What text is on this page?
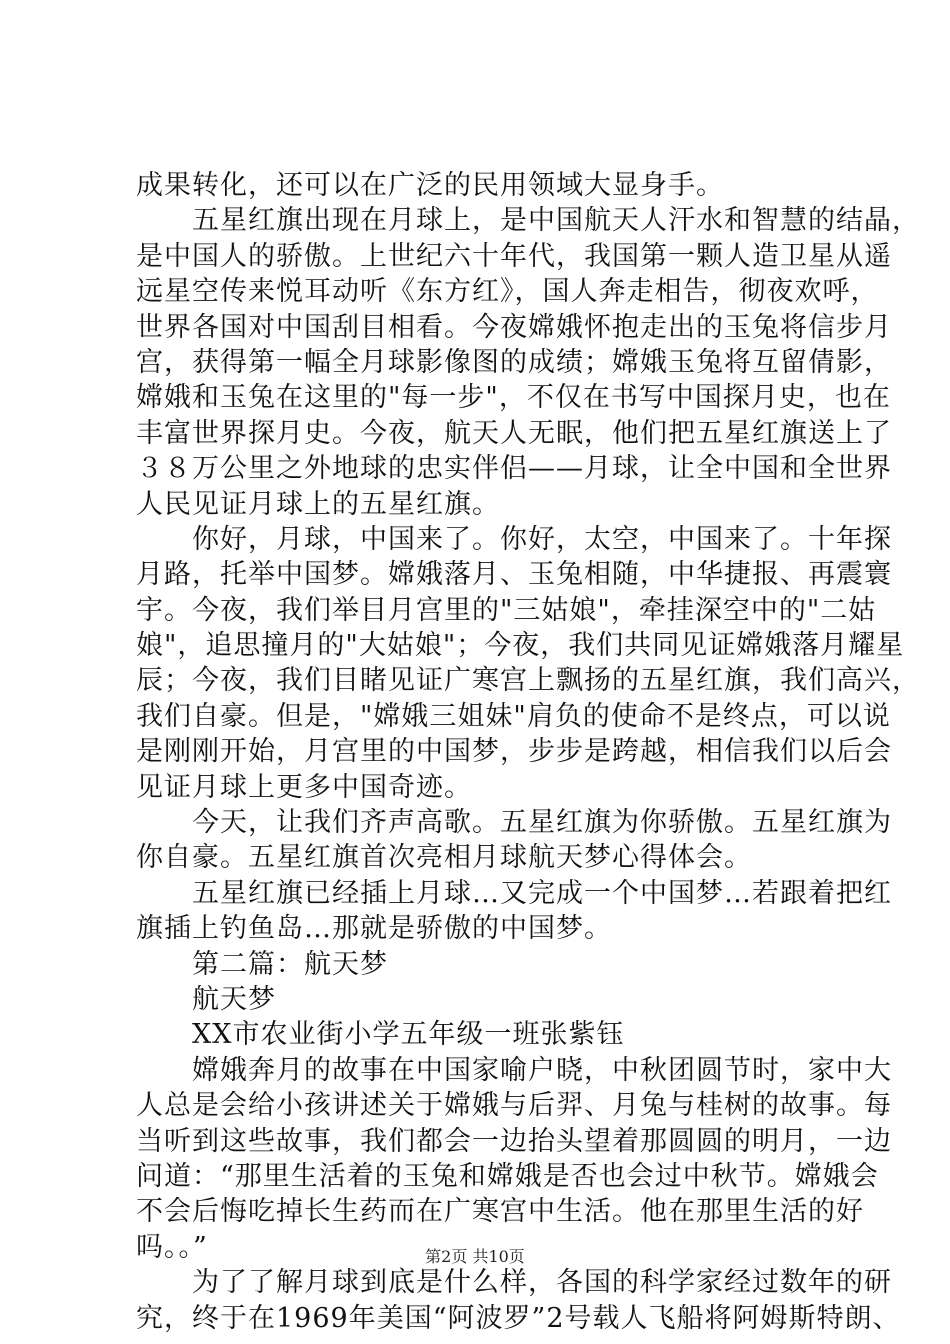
成果转化，还可以在广泛的民用领域大显身手。
　　五星红旗出现在月球上，是中国航天人汗水和智慧的结晶，
是中国人的骄傲。上世纪六十年代，我国第一颗人造卫星从遥
远星空传来悦耳动听《东方红》，国人奔走相告，彻夜欢呼，
世界各国对中国刮目相看。今夜嫦娥怀抱走出的玉兔将信步月
宫，获得第一幅全月球影像图的成绩；嫦娥玉兔将互留倩影，
嫦娥和玉兔在这里的"每一步"，不仅在书写中国探月史，也在
丰富世界探月史。今夜，航天人无眠，他们把五星红旗送上了
３８万公里之外地球的忠实伴侣——月球，让全中国和全世界
人民见证月球上的五星红旗。
　　你好，月球，中国来了。你好，太空，中国来了。十年探
月路，托举中国梦。嫦娥落月、玉兔相随，中华捷报、再震寰
宇。今夜，我们举目月宫里的"三姑娘"，牵挂深空中的"二姑
娘"，追思撞月的"大姑娘"；今夜，我们共同见证嫦娥落月耀星
辰；今夜，我们目睹见证广寒宫上飘扬的五星红旗，我们高兴，
我们自豪。但是，"嫦娥三姐妹"肩负的使命不是终点，可以说
是刚刚开始，月宫里的中国梦，步步是跨越，相信我们以后会
见证月球上更多中国奇迹。
　　今天，让我们齐声高歌。五星红旗为你骄傲。五星红旗为
你自豪。五星红旗首次亮相月球航天梦心得体会。
　　五星红旗已经插上月球…又完成一个中国梦…若跟着把红
旗插上钓鱼岛…那就是骄傲的中国梦。
　　第二篇：航天梦
　　航天梦
　　XX市农业街小学五年级一班张紫钰
　　嫦娥奔月的故事在中国家喻户晓，中秋团圆节时，家中大
人总是会给小孩讲述关于嫦娥与后羿、月兔与桂树的故事。每
当听到这些故事，我们都会一边抬头望着那圆圆的明月，一边
问道：“那里生活着的玉兔和嫦娥是否也会过中秋节。嫦娥会
不会后悔吃掉长生药而在广寒宫中生活。他在那里生活的好
吗。。”
　　为了了解月球到底是什么样，各国的科学家经过数年的研
究，终于在1969年美国“阿波罗”2号载人飞船将阿姆斯特朗、
第2页 共10页
